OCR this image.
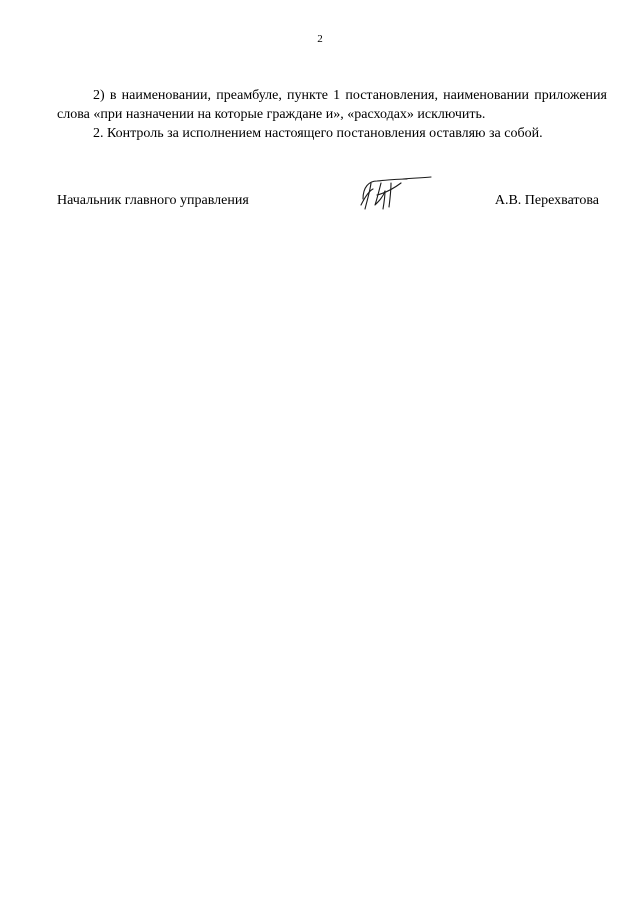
2

2) в наименовании, преамбуле, пункте 1 постановления, наименовании приложения слова «при назначении на которые граждане и», «расходах» исключить.

2. Контроль за исполнением настоящего постановления оставляю за собой.

Начальник главного управления	А.В. Перехватова
